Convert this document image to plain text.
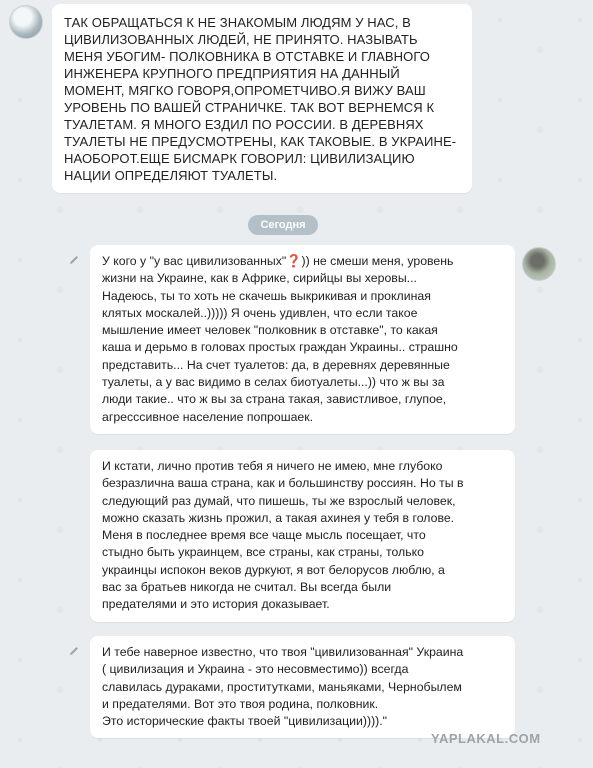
ТАК ОБРАЩАТЬСЯ К НЕ ЗНАКОМЫМ ЛЮДЯМ У НАС, В
ЦИВИЛИЗОВАННЫХ ЛЮДЕЙ, НЕ ПРИНЯТО. НАЗЫВАТЬ
МЕНЯ УБОГИМ- ПОЛКОВНИКА В ОТСТАВКЕ И ГЛАВНОГО
ИНЖЕНЕРА КРУПНОГО ПРЕДПРИЯТИЯ НА ДАННЫЙ
МОМЕНТ, МЯГКО ГОВОРЯ,ОПРОМЕТЧИВО.Я ВИЖУ ВАШ
УРОВЕНЬ ПО ВАШЕЙ СТРАНИЧКЕ. ТАК ВОТ ВЕРНЕМСЯ К
ТУАЛЕТАМ. Я МНОГО ЕЗДИЛ ПО РОССИИ. В ДЕРЕВНЯХ
ТУАЛЕТЫ НЕ ПРЕДУСМОТРЕНЫ, КАК ТАКОВЫЕ. В УКРАИНЕ-
НАОБОРОТ.ЕЩЕ БИСМАРК ГОВОРИЛ: ЦИВИЛИЗАЦИЮ
НАЦИИ ОПРЕДЕЛЯЮТ ТУАЛЕТЫ.

Сегодня

У кого у "у вас цивилизованных"❓)) не смеши меня, уровень
жизни на Украине, как в Африке, сирийцы вы херовы...
Надеюсь, ты то хоть не скачешь выкрикивая и проклиная
клятых москалей..))))) Я очень удивлен, что если такое
мышление имеет человек "полковник в отставке", то какая
каша и дерьмо в головах простых граждан Украины.. страшно
представить... На счет туалетов: да, в деревнях деревянные
туалеты, а у вас видимо в селах биотуалеты...)) что ж вы за
люди такие.. что ж вы за страна такая, завистливое, глупое,
агрессcивное население попрошаек.

И кстати, лично против тебя я ничего не имею, мне глубоко
безразлична ваша страна, как и большинству россиян. Но ты в
следующий раз думай, что пишешь, ты же взрослый человек,
можно сказать жизнь прожил, а такая ахинея у тебя в голове.
Меня в последнее время все чаще мысль посещает, что
стыдно быть украинцем, все страны, как страны, только
украинцы испокон веков дуркуют, я вот белорусов люблю, а
вас за братьев никогда не считал. Вы всегда были
предателями и это история доказывает.

И тебе наверное известно, что твоя "цивилизованная" Украина
( цивилизация и Украина - это несовместимо)) всегда
славилась дураками, проститутками, маньяками, Чернобылем
и предателями. Вот это твоя родина, полковник.
Это исторические факты твоей "цивилизации))))."

YAPLAKAL.COM
